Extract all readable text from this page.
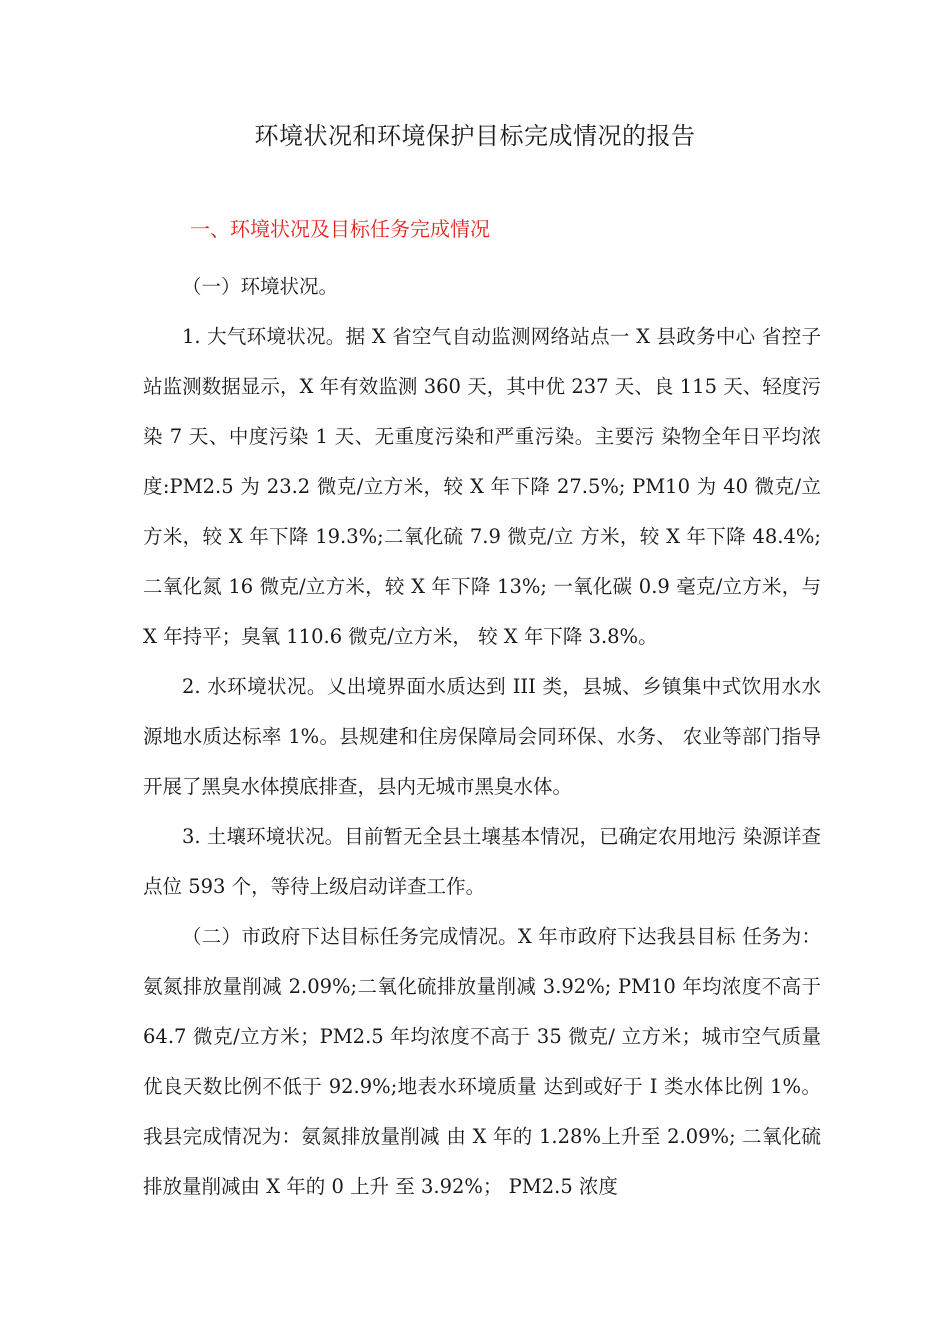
环境状况和环境保护目标完成情况的报告
一、环境状况及目标任务完成情况

（一）环境状况。

1. 大气环境状况。据 X 省空气自动监测网络站点一 X 县政务中心 省控子站监测数据显示，X 年有效监测 360 天，其中优 237 天、良 115 天、轻度污染 7 天、中度污染 1 天、无重度污染和严重污染。主要污 染物全年日平均浓度:PM2.5 为 23.2 微克/立方米，较 X 年下降 27.5%; PM10 为 40 微克/立方米，较 X 年下降 19.3%;二氧化硫 7.9 微克/立 方米，较 X 年下降 48.4%;二氧化氮 16 微克/立方米，较 X 年下降 13%; 一氧化碳 0.9 毫克/立方米，与 X 年持平；臭氧 110.6 微克/立方米， 较 X 年下降 3.8%。

2. 水环境状况。乂出境界面水质达到 III 类，县城、乡镇集中式饮用水水源地水质达标率 1%。县规建和住房保障局会同环保、水务、 农业等部门指导开展了黑臭水体摸底排查，县内无城市黑臭水体。

3. 土壤环境状况。目前暂无全县土壤基本情况，已确定农用地污 染源详查点位 593 个，等待上级启动详查工作。

（二）市政府下达目标任务完成情况。X 年市政府下达我县目标 任务为：氨氮排放量削减 2.09%;二氧化硫排放量削减 3.92%; PM10 年均浓度不高于 64.7 微克/立方米；PM2.5 年均浓度不高于 35 微克/ 立方米；城市空气质量优良天数比例不低于 92.9%;地表水环境质量 达到或好于 I 类水体比例 1%。我县完成情况为：氨氮排放量削减 由 X 年的 1.28%上升至 2.09%; 二氧化硫排放量削减由 X 年的 0 上升 至 3.92%； PM2.5 浓度
